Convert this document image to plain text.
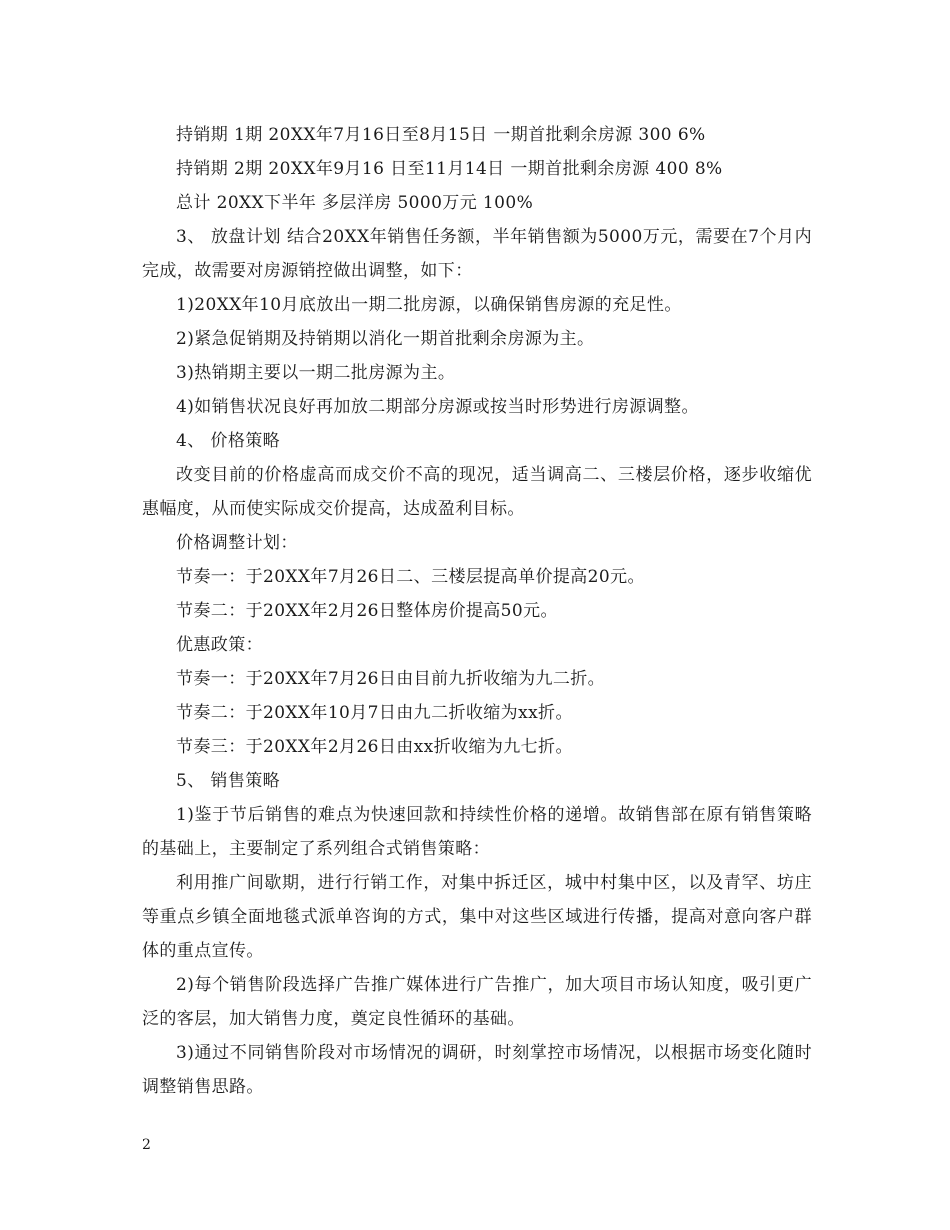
持销期 1期 20XX年7月16日至8月15日 一期首批剩余房源 300 6%

持销期 2期 20XX年9月16 日至11月14日 一期首批剩余房源 400 8%

总计 20XX下半年 多层洋房 5000万元 100%

3、 放盘计划 结合20XX年销售任务额，半年销售额为5000万元，需要在7个月内完成，故需要对房源销控做出调整，如下：

1)20XX年10月底放出一期二批房源，以确保销售房源的充足性。

2)紧急促销期及持销期以消化一期首批剩余房源为主。

3)热销期主要以一期二批房源为主。

4)如销售状况良好再加放二期部分房源或按当时形势进行房源调整。

4、 价格策略

改变目前的价格虚高而成交价不高的现况，适当调高二、三楼层价格，逐步收缩优惠幅度，从而使实际成交价提高，达成盈利目标。

价格调整计划：

节奏一：于20XX年7月26日二、三楼层提高单价提高20元。

节奏二：于20XX年2月26日整体房价提高50元。

优惠政策：

节奏一：于20XX年7月26日由目前九折收缩为九二折。

节奏二：于20XX年10月7日由九二折收缩为xx折。

节奏三：于20XX年2月26日由xx折收缩为九七折。

5、 销售策略

1)鉴于节后销售的难点为快速回款和持续性价格的递增。故销售部在原有销售策略的基础上，主要制定了系列组合式销售策略：

利用推广间歇期，进行行销工作，对集中拆迁区，城中村集中区，以及青罕、坊庄等重点乡镇全面地毯式派单咨询的方式，集中对这些区域进行传播，提高对意向客户群体的重点宣传。

2)每个销售阶段选择广告推广媒体进行广告推广，加大项目市场认知度，吸引更广泛的客层，加大销售力度，奠定良性循环的基础。

3)通过不同销售阶段对市场情况的调研，时刻掌控市场情况，以根据市场变化随时调整销售思路。

2
